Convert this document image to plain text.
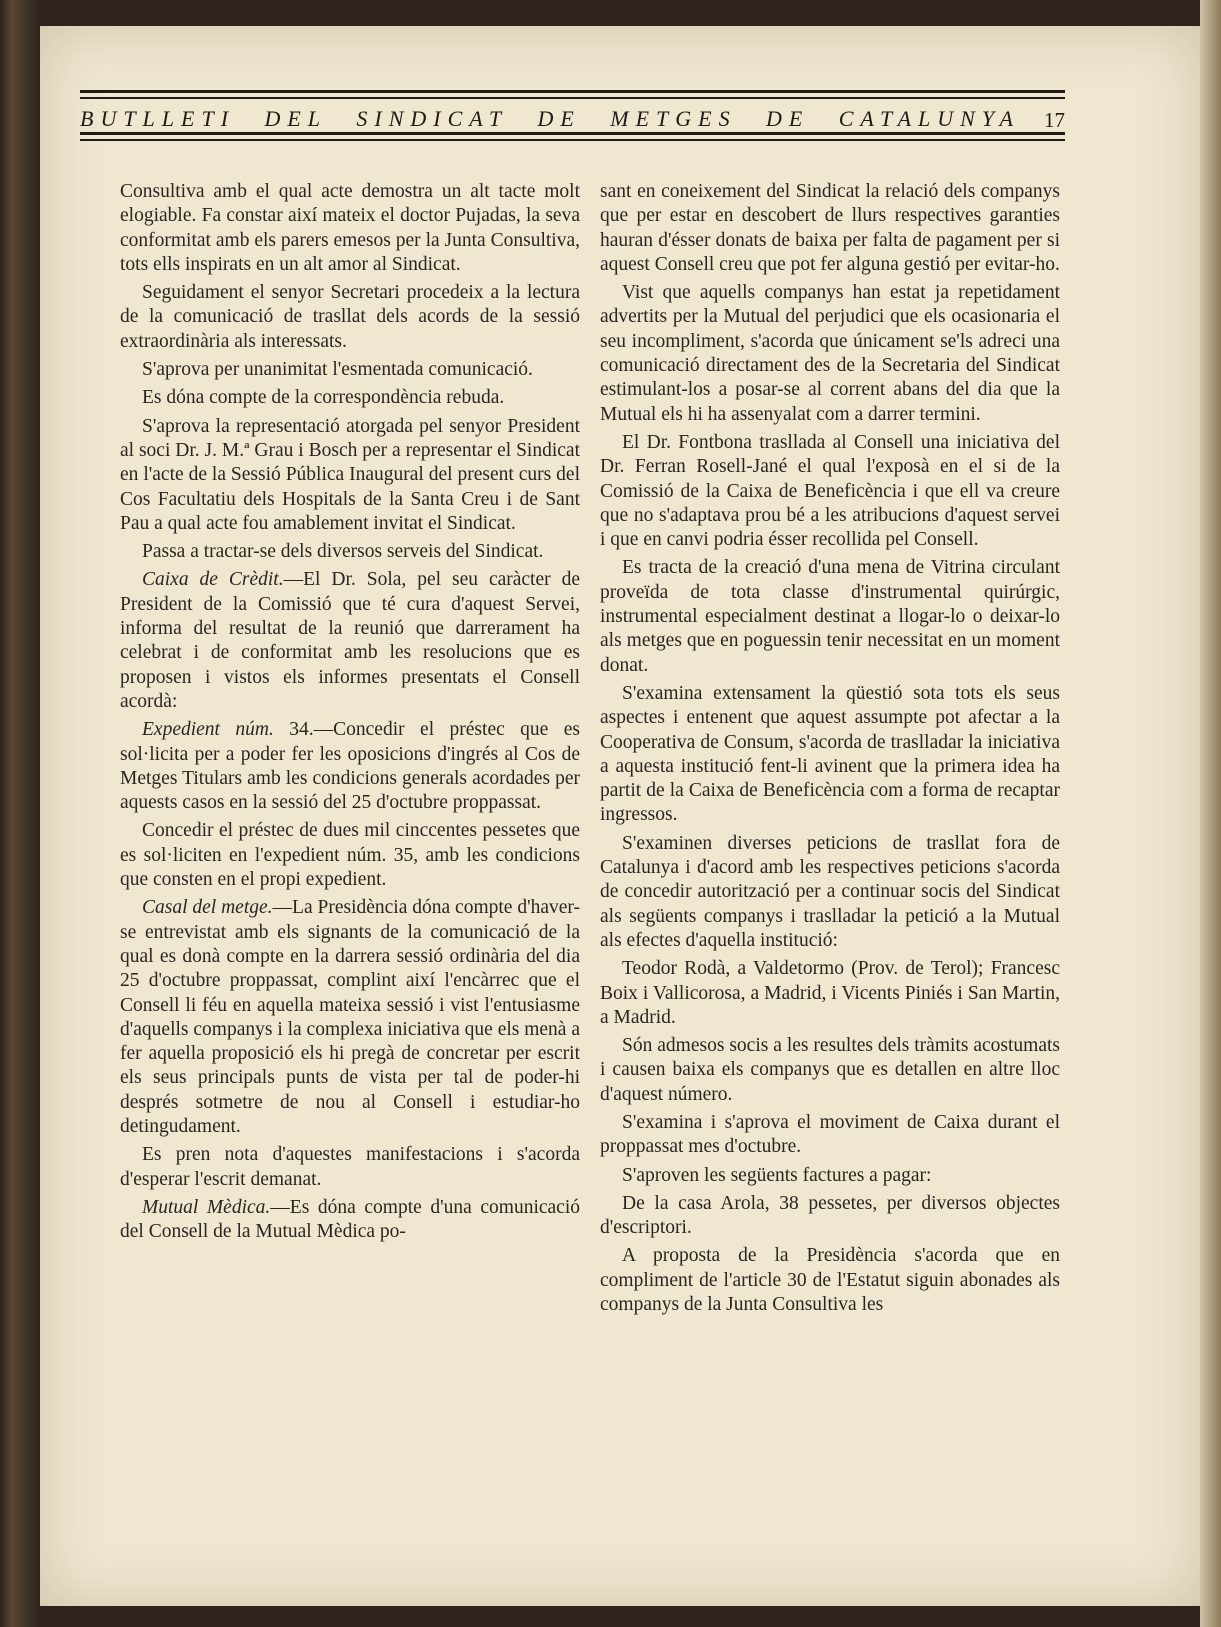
BUTLLETI DEL SINDICAT DE METGES DE CATALUNYA 17

Consultiva amb el qual acte demostra un alt tacte molt elogiable. Fa constar així mateix el doctor Pujadas, la seva conformitat amb els parers emesos per la Junta Consultiva, tots ells inspirats en un alt amor al Sindicat.

Seguidament el senyor Secretari procedeix a la lectura de la comunicació de trasllat dels acords de la sessió extraordinària als interessats.

S'aprova per unanimitat l'esmentada comunicació.

Es dóna compte de la correspondència rebuda.

S'aprova la representació atorgada pel senyor President al soci Dr. J. M.ª Grau i Bosch per a representar el Sindicat en l'acte de la Sessió Pública Inaugural del present curs del Cos Facultatiu dels Hospitals de la Santa Creu i de Sant Pau a qual acte fou amablement invitat el Sindicat.

Passa a tractar-se dels diversos serveis del Sindicat.

Caixa de Crèdit.—El Dr. Sola, pel seu caràcter de President de la Comissió que té cura d'aquest Servei, informa del resultat de la reunió que darrerament ha celebrat i de conformitat amb les resolucions que es proposen i vistos els informes presentats el Consell acordà:

Expedient núm. 34.—Concedir el préstec que es sol·licita per a poder fer les oposicions d'ingrés al Cos de Metges Titulars amb les condicions generals acordades per aquests casos en la sessió del 25 d'octubre proppassat.

Concedir el préstec de dues mil cinccentes pessetes que es sol·liciten en l'expedient núm. 35, amb les condicions que consten en el propi expedient.

Casal del metge.—La Presidència dóna compte d'haver-se entrevistat amb els signants de la comunicació de la qual es donà compte en la darrera sessió ordinària del dia 25 d'octubre proppassat, complint així l'encàrrec que el Consell li féu en aquella mateixa sessió i vist l'entusiasme d'aquells companys i la complexa iniciativa que els menà a fer aquella proposició els hi pregà de concretar per escrit els seus principals punts de vista per tal de poder-hi després sotmetre de nou al Consell i estudiar-ho detingudament.

Es pren nota d'aquestes manifestacions i s'acorda d'esperar l'escrit demanat.

Mutual Mèdica.—Es dóna compte d'una comunicació del Consell de la Mutual Mèdica po-

sant en coneixement del Sindicat la relació dels companys que per estar en descobert de llurs respectives garanties hauran d'ésser donats de baixa per falta de pagament per si aquest Consell creu que pot fer alguna gestió per evitar-ho.

Vist que aquells companys han estat ja repetidament advertits per la Mutual del perjudici que els ocasionaria el seu incompliment, s'acorda que únicament se'ls adreci una comunicació directament des de la Secretaria del Sindicat estimulant-los a posar-se al corrent abans del dia que la Mutual els hi ha assenyalat com a darrer termini.

El Dr. Fontbona trasllada al Consell una iniciativa del Dr. Ferran Rosell-Jané el qual l'exposà en el si de la Comissió de la Caixa de Beneficència i que ell va creure que no s'adaptava prou bé a les atribucions d'aquest servei i que en canvi podria ésser recollida pel Consell.

Es tracta de la creació d'una mena de Vitrina circulant proveïda de tota classe d'instrumental quirúrgic, instrumental especialment destinat a llogar-lo o deixar-lo als metges que en poguessin tenir necessitat en un moment donat.

S'examina extensament la qüestió sota tots els seus aspectes i entenent que aquest assumpte pot afectar a la Cooperativa de Consum, s'acorda de traslladar la iniciativa a aquesta institució fent-li avinent que la primera idea ha partit de la Caixa de Beneficència com a forma de recaptar ingressos.

S'examinen diverses peticions de trasllat fora de Catalunya i d'acord amb les respectives peticions s'acorda de concedir autorització per a continuar socis del Sindicat als següents companys i traslladar la petició a la Mutual als efectes d'aquella institució:

Teodor Rodà, a Valdetormo (Prov. de Terol); Francesc Boix i Vallicorosa, a Madrid, i Vicents Piniés i San Martin, a Madrid.

Són admesos socis a les resultes dels tràmits acostumats i causen baixa els companys que es detallen en altre lloc d'aquest número.

S'examina i s'aprova el moviment de Caixa durant el proppassat mes d'octubre.

S'aproven les següents factures a pagar:

De la casa Arola, 38 pessetes, per diversos objectes d'escriptori.

A proposta de la Presidència s'acorda que en compliment de l'article 30 de l'Estatut siguin abonades als companys de la Junta Consultiva les
